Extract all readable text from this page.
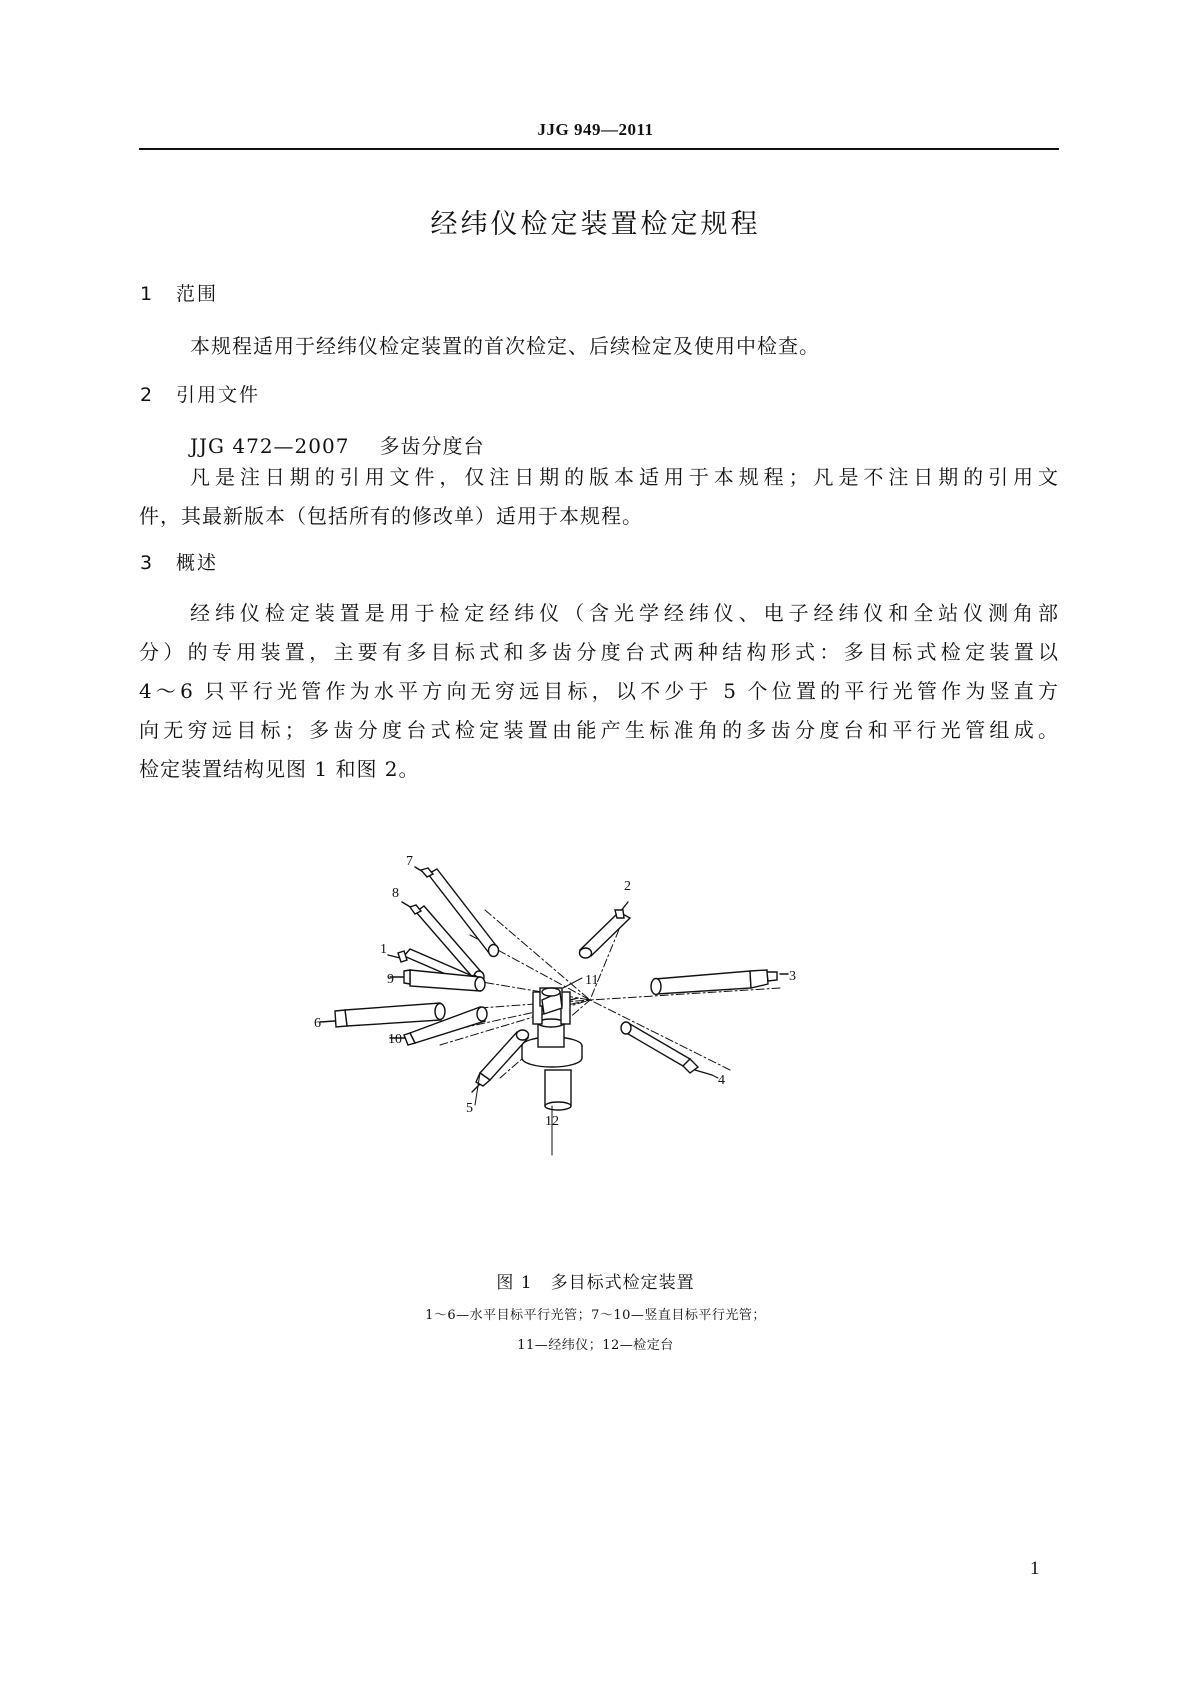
JJG 949—2011
经纬仪检定装置检定规程
1 范围
本规程适用于经纬仪检定装置的首次检定、后续检定及使用中检查。
2 引用文件
JJG 472—2007 多齿分度台
凡是注日期的引用文件，仅注日期的版本适用于本规程；凡是不注日期的引用文
件，其最新版本（包括所有的修改单）适用于本规程。
3 概述
经纬仪检定装置是用于检定经纬仪（含光学经纬仪、电子经纬仪和全站仪测角部
分）的专用装置，主要有多目标式和多齿分度台式两种结构形式：多目标式检定装置以
4～6 只平行光管作为水平方向无穷远目标，以不少于 5 个位置的平行光管作为竖直方
向无穷远目标；多齿分度台式检定装置由能产生标准角的多齿分度台和平行光管组成。
检定装置结构见图 1 和图 2。
7
8
1
9
6
10
5
12
2
11	3
4
图 1　多目标式检定装置
1～6—水平目标平行光管；7～10—竖直目标平行光管；
11—经纬仪；12—检定台
1
